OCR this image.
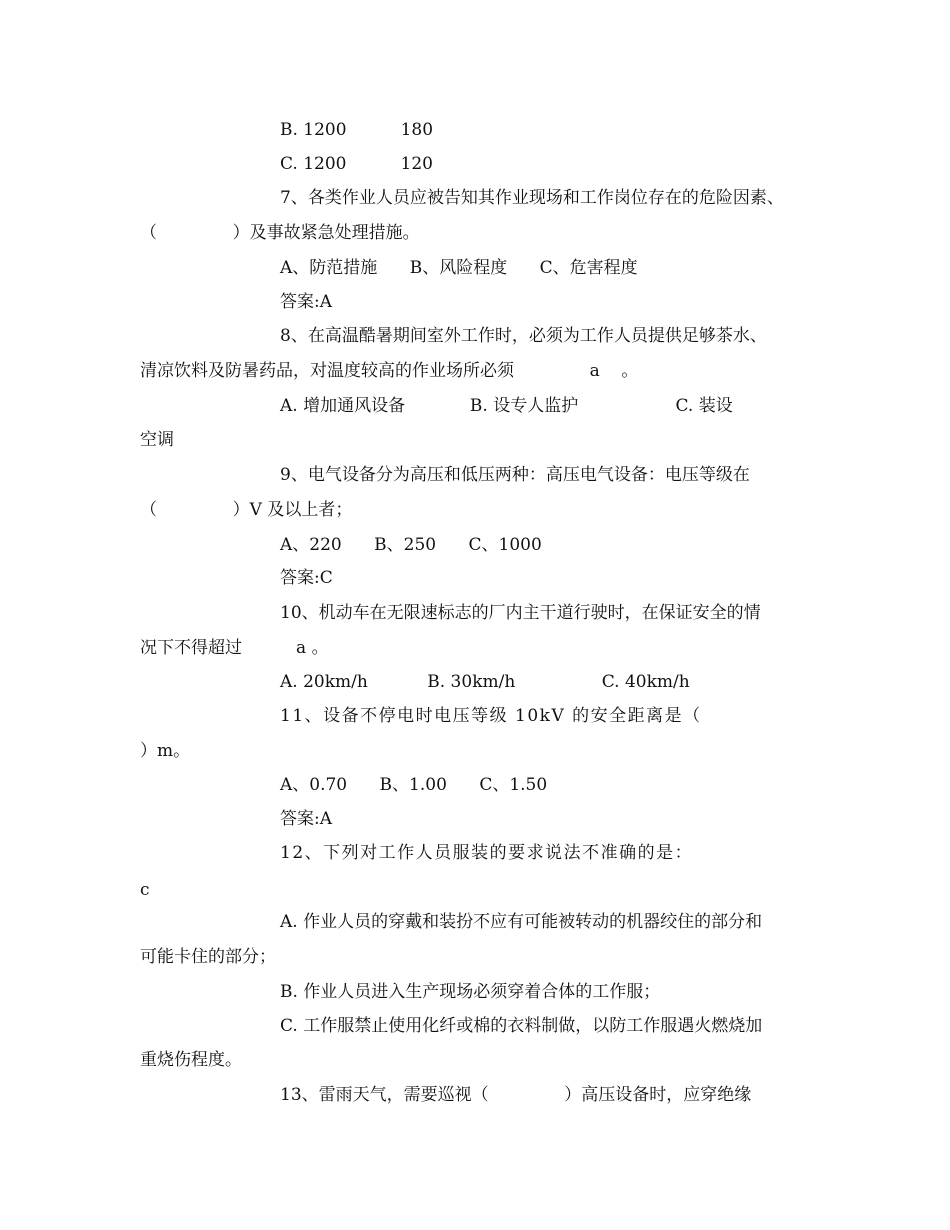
B. 1200          180
C. 1200          120
7、各类作业人员应被告知其作业现场和工作岗位存在的危险因素、
（              ）及事故紧急处理措施。
A、防范措施      B、风险程度      C、危害程度
答案:A
8、在高温酷暑期间室外工作时，必须为工作人员提供足够茶水、
清凉饮料及防暑药品，对温度较高的作业场所必须              a    。
A. 增加通风设备            B. 设专人监护                  C. 装设
空调
9、电气设备分为高压和低压两种：高压电气设备：电压等级在
（              ）V 及以上者；
A、220      B、250      C、1000
答案:C
10、机动车在无限速标志的厂内主干道行驶时，在保证安全的情
况下不得超过          a 。
A. 20km/h           B. 30km/h                C. 40km/h
11、设备不停电时电压等级 10kV 的安全距离是（
）m。
A、0.70      B、1.00      C、1.50
答案:A
12、下列对工作人员服装的要求说法不准确的是：
c
A. 作业人员的穿戴和装扮不应有可能被转动的机器绞住的部分和
可能卡住的部分；
B. 作业人员进入生产现场必须穿着合体的工作服；
C. 工作服禁止使用化纤或棉的衣料制做，以防工作服遇火燃烧加
重烧伤程度。
13、雷雨天气，需要巡视（              ）高压设备时，应穿绝缘
